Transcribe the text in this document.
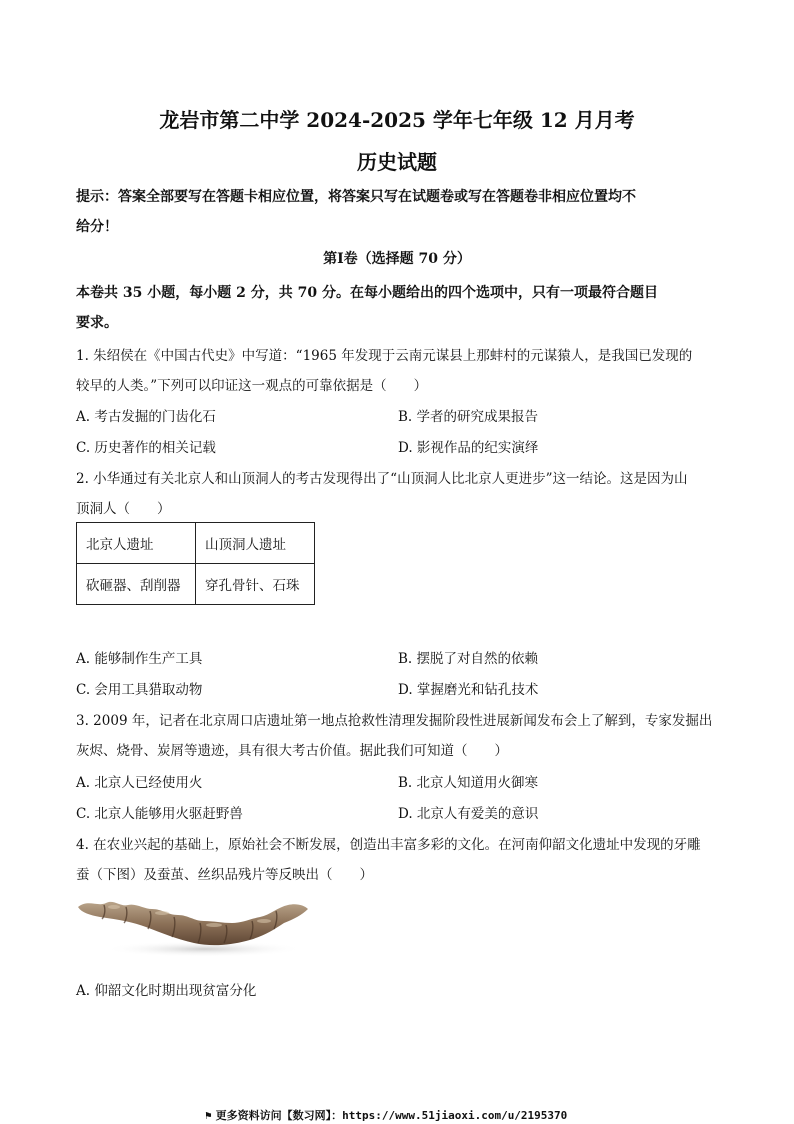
龙岩市第二中学 2024-2025 学年七年级 12 月月考
历史试题
提示：答案全部要写在答题卡相应位置，将答案只写在试题卷或写在答题卷非相应位置均不
给分！
第Ⅰ卷（选择题 70 分）
本卷共 35 小题，每小题 2 分，共 70 分。在每小题给出的四个选项中，只有一项最符合题目
要求。
1. 朱绍侯在《中国古代史》中写道：“1965 年发现于云南元谋县上那蚌村的元谋猿人，是我国已发现的
较早的人类。”下列可以印证这一观点的可靠依据是（　　）
A. 考古发掘的门齿化石	B. 学者的研究成果报告
C. 历史著作的相关记载	D. 影视作品的纪实演绎
2. 小华通过有关北京人和山顶洞人的考古发现得出了“山顶洞人比北京人更进步”这一结论。这是因为山
顶洞人（　　）
北京人遗址	山顶洞人遗址
砍砸器、刮削器	穿孔骨针、石珠
A. 能够制作生产工具	B. 摆脱了对自然的依赖
C. 会用工具猎取动物	D. 掌握磨光和钻孔技术
3. 2009 年，记者在北京周口店遗址第一地点抢救性清理发掘阶段性进展新闻发布会上了解到，专家发掘出
灰烬、烧骨、炭屑等遗迹，具有很大考古价值。据此我们可知道（　　）
A. 北京人已经使用火	B. 北京人知道用火御寒
C. 北京人能够用火驱赶野兽	D. 北京人有爱美的意识
4. 在农业兴起的基础上，原始社会不断发展，创造出丰富多彩的文化。在河南仰韶文化遗址中发现的牙雕
蚕（下图）及蚕茧、丝织品残片等反映出（　　）
A. 仰韶文化时期出现贫富分化
⚑ 更多资料访问【数习网】：https://www.51jiaoxi.com/u/2195370
